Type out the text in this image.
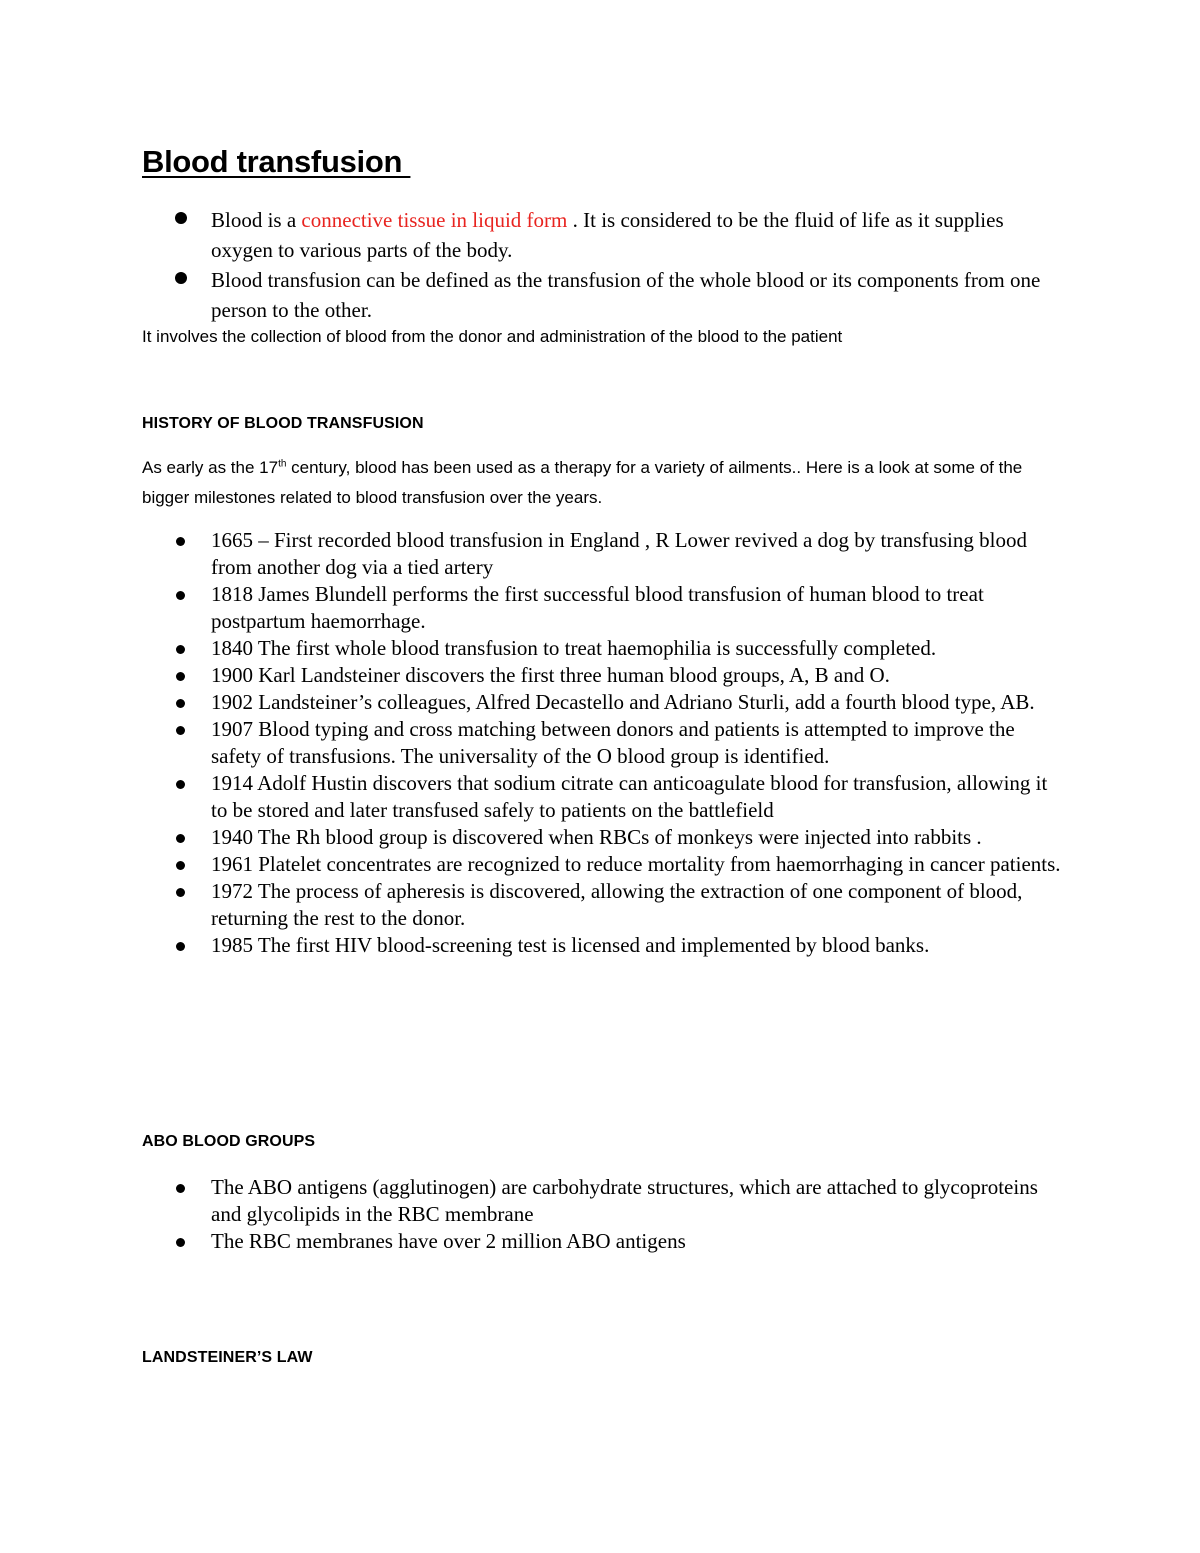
Blood transfusion
Blood is a connective tissue in liquid form . It is considered to be the fluid of life as it supplies oxygen to various parts of the body.
Blood transfusion can be defined as the transfusion of the whole blood or its components from one person to the other.

It involves the collection of blood from the donor and administration of the blood to the patient

HISTORY OF BLOOD TRANSFUSION

As early as the 17th century, blood has been used as a therapy for a variety of ailments.. Here is a look at some of the bigger milestones related to blood transfusion over the years.

1665 – First recorded blood transfusion in England , R Lower revived a dog by transfusing blood from another dog via a tied artery
1818 James Blundell performs the first successful blood transfusion of human blood to treat postpartum haemorrhage.
1840 The first whole blood transfusion to treat haemophilia is successfully completed.
1900 Karl Landsteiner discovers the first three human blood groups, A, B and O.
1902 Landsteiner’s colleagues, Alfred Decastello and Adriano Sturli, add a fourth blood type, AB.
1907 Blood typing and cross matching between donors and patients is attempted to improve the safety of transfusions. The universality of the O blood group is identified.
1914 Adolf Hustin discovers that sodium citrate can anticoagulate blood for transfusion, allowing it to be stored and later transfused safely to patients on the battlefield
1940 The Rh blood group is discovered when RBCs of monkeys were injected into rabbits .
1961 Platelet concentrates are recognized to reduce mortality from haemorrhaging in cancer patients.
1972 The process of apheresis is discovered, allowing the extraction of one component of blood, returning the rest to the donor.
1985 The first HIV blood-screening test is licensed and implemented by blood banks.
ABO BLOOD GROUPS
The ABO antigens (agglutinogen) are carbohydrate structures, which are attached to glycoproteins and glycolipids in the RBC membrane
The RBC membranes have over 2 million ABO antigens
LANDSTEINER’S LAW
